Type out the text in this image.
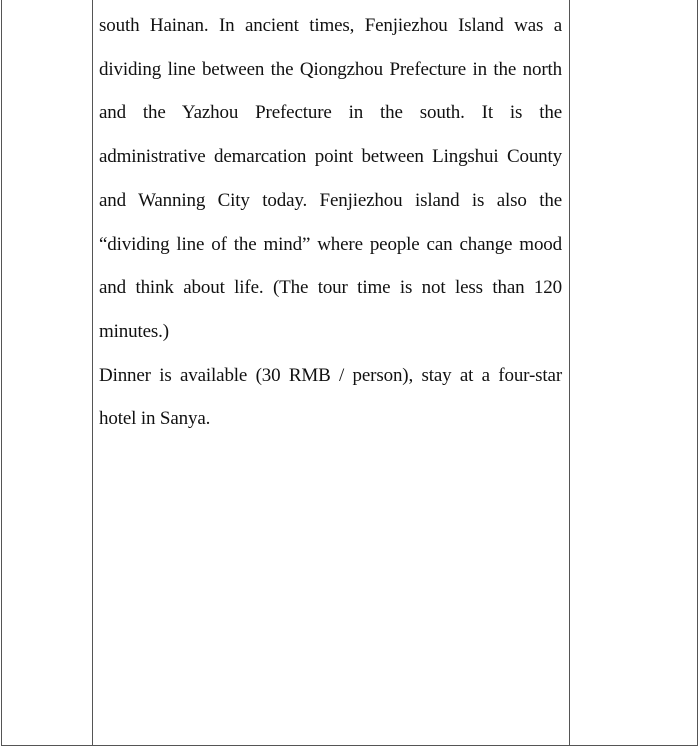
south Hainan. In ancient times, Fenjiezhou Island was a dividing line between the Qiongzhou Prefecture in the north and the Yazhou Prefecture in the south. It is the administrative demarcation point between Lingshui County and Wanning City today. Fenjiezhou island is also the “dividing line of the mind” where people can change mood and think about life. (The tour time is not less than 120 minutes.)

Dinner is available (30 RMB / person), stay at a four-star hotel in Sanya.
